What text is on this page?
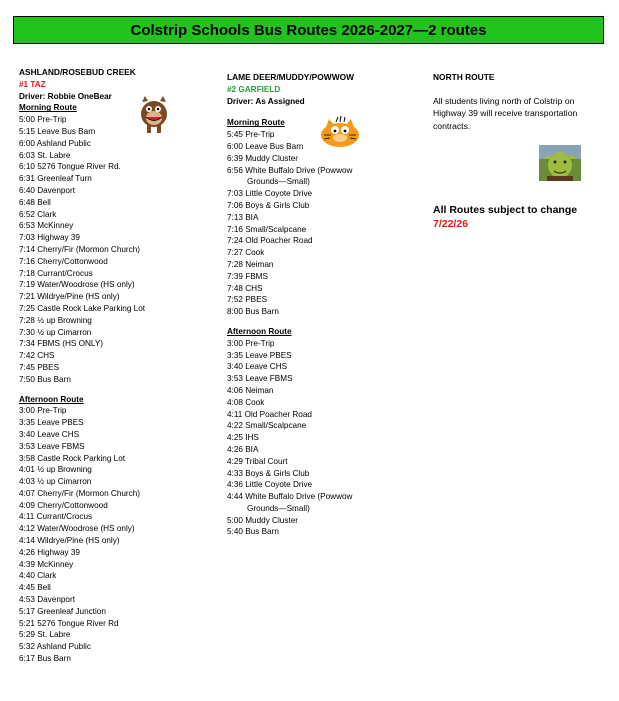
Colstrip Schools Bus Routes 2026-2027—2 routes
ASHLAND/ROSEBUD CREEK
#1 TAZ
Driver: Robbie OneBear
Morning Route
5:00 Pre-Trip
5:15 Leave Bus Barn
6:00 Ashland Public
6:03 St. Labre
6:10 5276 Tongue River Rd.
6:31 Greenleaf Turn
6:40 Davenport
6:48 Bell
6:52 Clark
6:53 McKinney
7:03 Highway 39
7:14 Cherry/Fir (Mormon Church)
7:16 Cherry/Cottonwood
7:18 Currant/Crocus
7:19 Water/Woodrose (HS only)
7:21 Wildrye/Pine (HS only)
7:25 Castle Rock Lake Parking Lot
7:28 ½ up Browning
7:30 ½ up Cimarron
7:34 FBMS (HS ONLY)
7:42 CHS
7:45 PBES
7:50 Bus Barn
Afternoon Route
3:00 Pre-Trip
3:35 Leave PBES
3:40 Leave CHS
3:53 Leave FBMS
3:58 Castle Rock Parking Lot
4:01 ½ up Browning
4:03 ½ up Cimarron
4:07 Cherry/Fir (Mormon Church)
4:09 Cherry/Cottonwood
4:11 Currant/Crocus
4:12 Water/Woodrose (HS only)
4:14 Wildrye/Pine (HS only)
4:26 Highway 39
4:39 McKinney
4:40 Clark
4:45 Bell
4:53 Davenport
5:17 Greenleaf Junction
5:21 5276 Tongue River Rd
5:29 St. Labre
5:32 Ashland Public
6:17 Bus Barn
LAME DEER/MUDDY/POWWOW
#2 GARFIELD
Driver: As Assigned
Morning Route
5:45 Pre-Trip
6:00 Leave Bus Barn
6:39 Muddy Cluster
6:56 White Buffalo Drive (Powwow
Grounds—Small)
7:03 Little Coyote Drive
7:06 Boys & Girls Club
7:13 BIA
7:16 Small/Scalpcane
7:24 Old Poacher Road
7:27 Cook
7:28 Neiman
7:39 FBMS
7:48 CHS
7:52 PBES
8:00 Bus Barn
Afternoon Route
3:00 Pre-Trip
3:35 Leave PBES
3:40 Leave CHS
3:53 Leave FBMS
4:06 Neiman
4:08 Cook
4:11 Old Poacher Road
4:22 Small/Scalpcane
4:25 IHS
4:26 BIA
4:29 Tribal Court
4:33 Boys & Girls Club
4:36 Little Coyote Drive
4:44 White Buffalo Drive (Powwow
Grounds—Small)
5:00 Muddy Cluster
5:40 Bus Barn
NORTH ROUTE
All students living north of Colstrip on Highway 39 will receive transportation contracts.
All Routes subject to change
7/22/26
